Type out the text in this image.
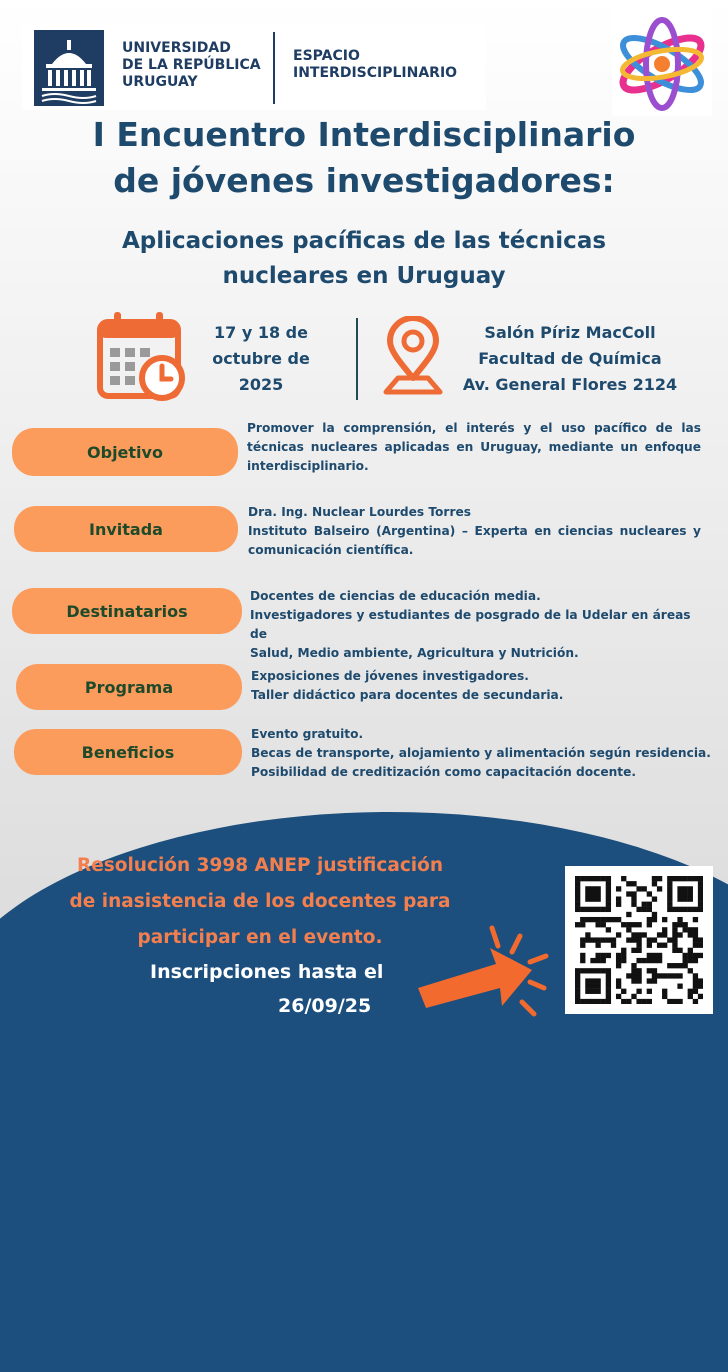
UNIVERSIDAD
DE LA REPÚBLICA
URUGUAY
ESPACIO
INTERDISCIPLINARIO
I Encuentro Interdisciplinario
de jóvenes investigadores:
Aplicaciones pacíficas de las técnicas
nucleares en Uruguay
17 y 18 de
octubre de
2025
Salón Píriz MacColl
Facultad de Química
Av. General Flores 2124
Objetivo
Promover la comprensión, el interés y el uso pacífico de las
técnicas nucleares aplicadas en Uruguay, mediante un enfoque
interdisciplinario.
Invitada
Dra. Ing. Nuclear Lourdes Torres
Instituto Balseiro (Argentina) – Experta en ciencias nucleares y
comunicación científica.
Destinatarios
Docentes de ciencias de educación media.
Investigadores y estudiantes de posgrado de la Udelar en áreas de
Salud, Medio ambiente, Agricultura y Nutrición.
Programa
Exposiciones de jóvenes investigadores.
Taller didáctico para docentes de secundaria.
Beneficios
Evento gratuito.
Becas de transporte, alojamiento y alimentación según residencia.
Posibilidad de creditización como capacitación docente.
Resolución 3998 ANEP justificación
de inasistencia de los docentes para
participar en el evento.
Inscripciones hasta el
26/09/25
